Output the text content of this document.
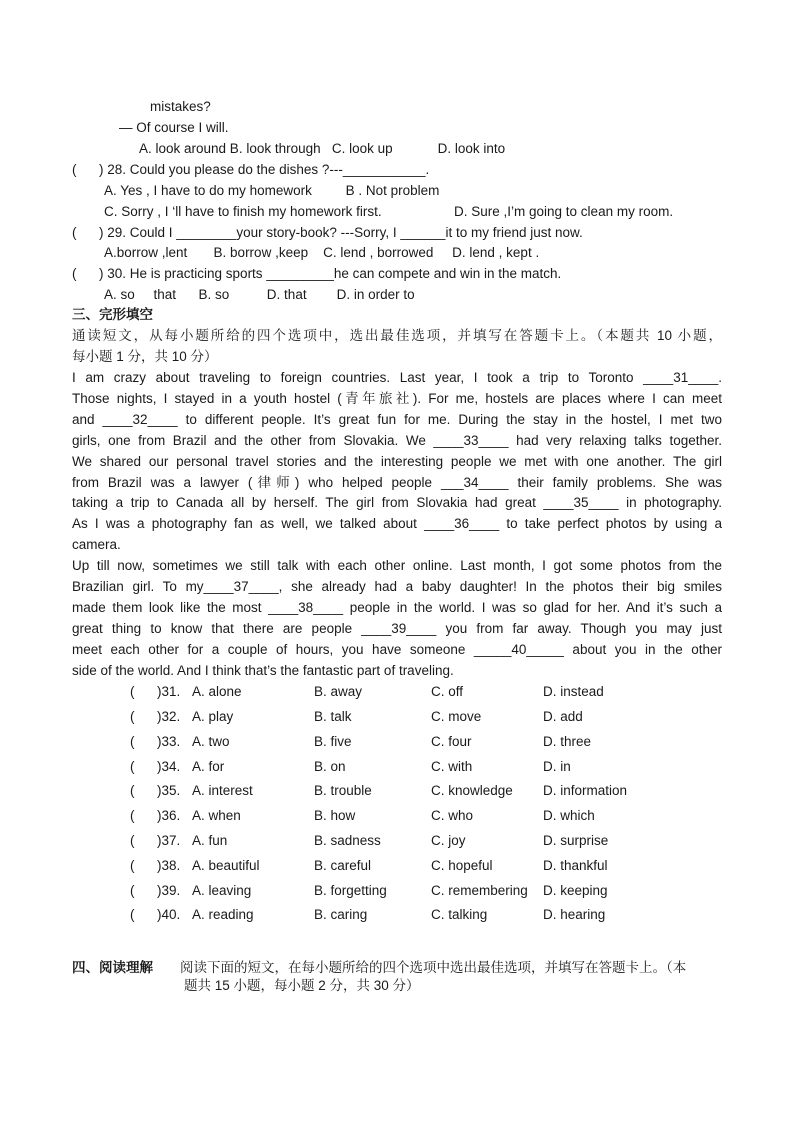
mistakes?
— Of course I will.
A. look around B. look through   C. look up            D. look into
(      ) 28. Could you please do the dishes ?---___________.
A. Yes , I have to do my homework         B . Not problem
C. Sorry , I ‘ll have to finish my homework first.	D. Sure ,I’m going to clean my room.
(      ) 29. Could I ________your story-book? ---Sorry, I ______it to my friend just now.
A.borrow ,lent       B. borrow ,keep    C. lend , borrowed     D. lend , kept .
(      ) 30. He is practicing sports _________he can compete and win in the match.
A. so     that      B. so          D. that        D. in order to
三、完形填空
通读短文，从每小题所给的四个选项中，选出最佳选项，并填写在答题卡上。（本题共 10 小题，
每小题 1 分，共 10 分）
I am crazy about traveling to foreign countries. Last year, I took a trip to Toronto ____31____.
Those nights, I stayed in a youth hostel (青年旅社). For me, hostels are places where I can meet
and ____32____ to different people. It’s great fun for me. During the stay in the hostel, I met two
girls, one from Brazil and the other from Slovakia. We ____33____ had very relaxing talks together.
We shared our personal travel stories and the interesting people we met with one another. The girl
from Brazil was a lawyer (律师) who helped people ___34____ their family problems. She was
taking a trip to Canada all by herself. The girl from Slovakia had great ____35____ in photography.
As I was a photography fan as well, we talked about ____36____ to take perfect photos by using a
camera.
Up till now, sometimes we still talk with each other online. Last month, I got some photos from the
Brazilian girl. To my____37____, she already had a baby daughter! In the photos their big smiles
made them look like the most ____38____ people in the world. I was so glad for her. And it’s such a
great thing to know that there are people ____39____ you from far away. Though you may just
meet each other for a couple of hours, you have someone _____40_____ about you in the other
side of the world. And I think that’s the fantastic part of traveling.
(      )31. A. alone	B. away	C. off	D. instead
(      )32. A. play	B. talk	C. move	D. add
(      )33. A. two	B. five	C. four	D. three
(      )34. A. for	B. on	C. with	D. in
(      )35. A. interest	B. trouble	C. knowledge D. information
(      )36. A. when	B. how	C. who	D. which
(      )37. A. fun	B. sadness	C. joy	D. surprise
(      )38. A. beautiful	B. careful	C. hopeful	D. thankful
(      )39. A. leaving	B. forgetting	C. remembering D. keeping
(      )40. A. reading	B. caring	C. talking	D. hearing
四、阅读理解 阅读下面的短文，在每小题所给的四个选项中选出最佳选项，并填写在答题卡上。（本
题共 15 小题，每小题 2 分，共 30 分）
